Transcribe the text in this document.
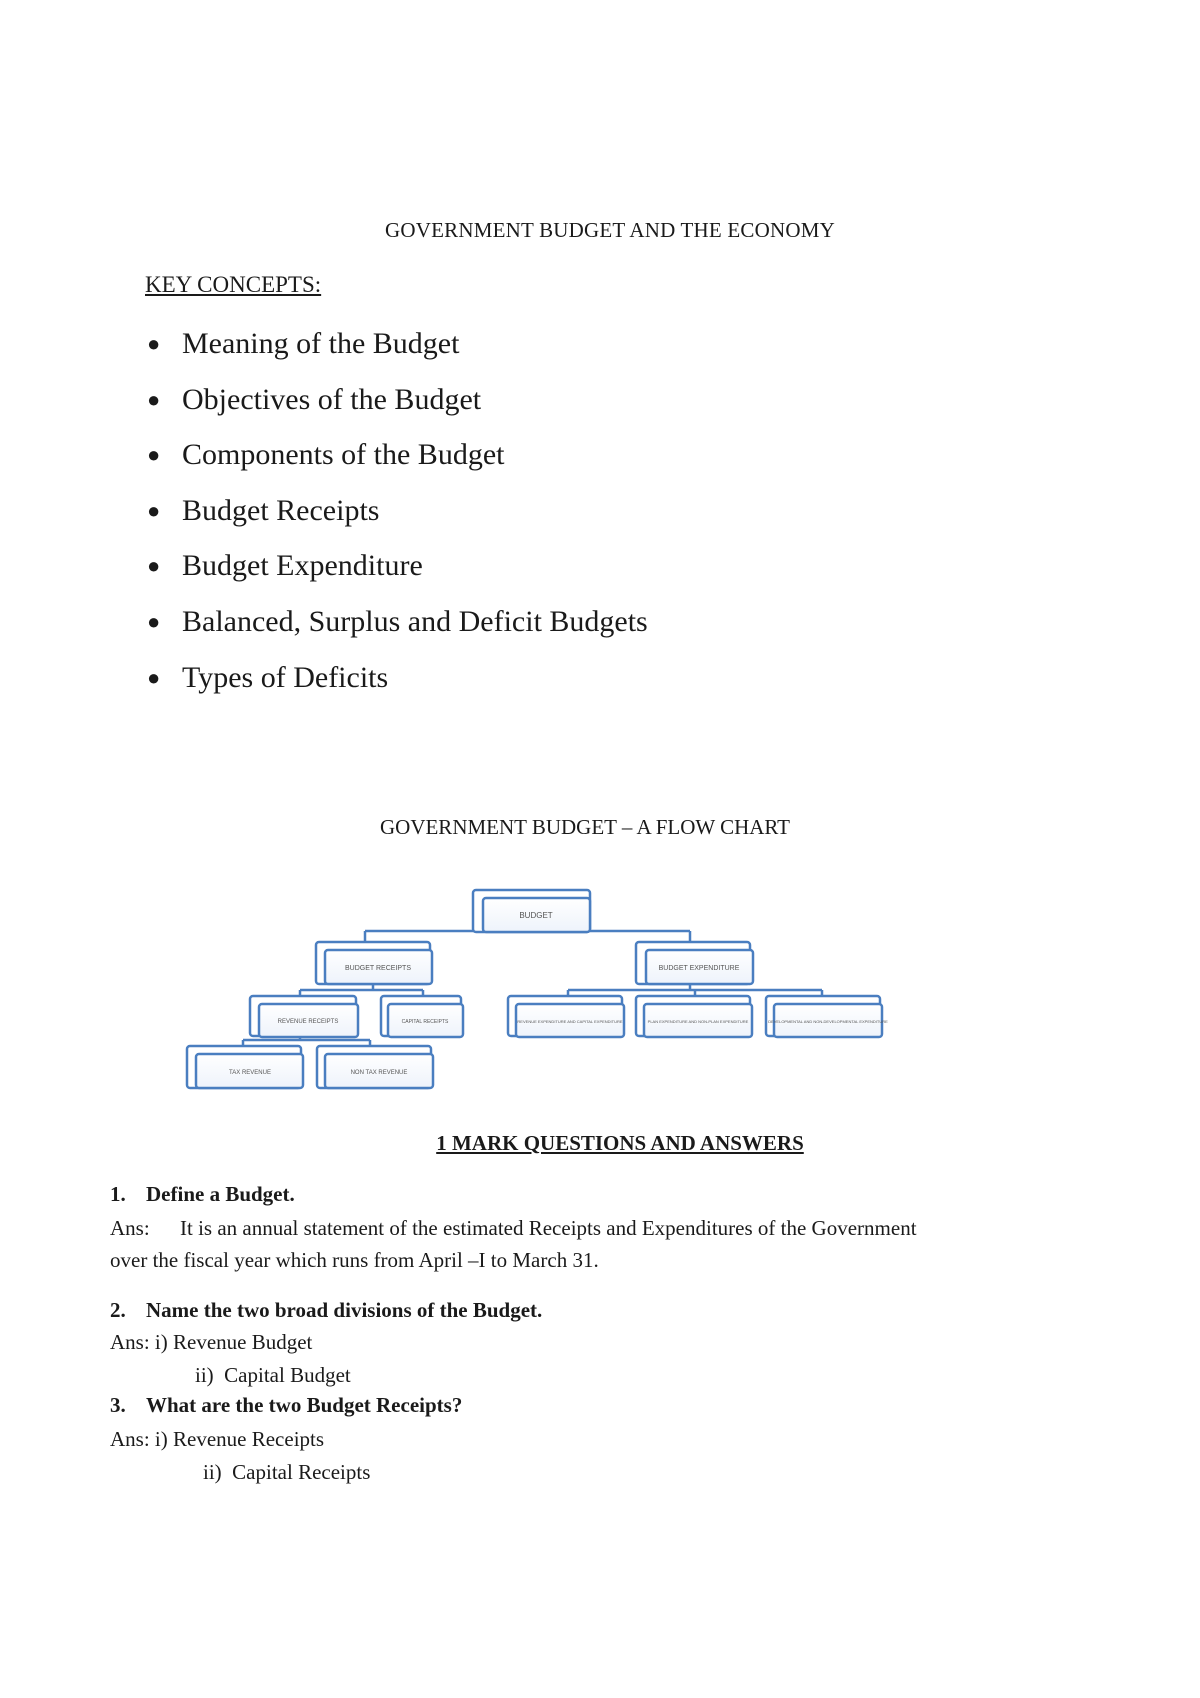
GOVERNMENT BUDGET AND THE ECONOMY
KEY CONCEPTS:
● Meaning of the Budget
● Objectives of the Budget
● Components of the Budget
● Budget Receipts
● Budget Expenditure
● Balanced, Surplus and Deficit Budgets
● Types of Deficits
GOVERNMENT BUDGET – A FLOW CHART
BUDGET
BUDGET RECEIPTS	BUDGET EXPENDITURE
REVENUE RECEIPTS	CAPITAL RECEIPTS	REVENUE EXPENDITURE AND CAPITAL EXPENDITURE	PLAN EXPENDITURE AND NON-PLAN EXPENDITURE	DEVELOPMENTAL AND NON-DEVELOPMENTAL EXPENDITURE
TAX REVENUE	NON TAX REVENUE
1 MARK QUESTIONS AND ANSWERS
1. Define a Budget.
Ans: It is an annual statement of the estimated Receipts and Expenditures of the Government
over the fiscal year which runs from April –I to March 31.
2. Name the two broad divisions of the Budget.
Ans: i) Revenue Budget
ii)  Capital Budget
3. What are the two Budget Receipts?
Ans: i) Revenue Receipts
ii)  Capital Receipts
